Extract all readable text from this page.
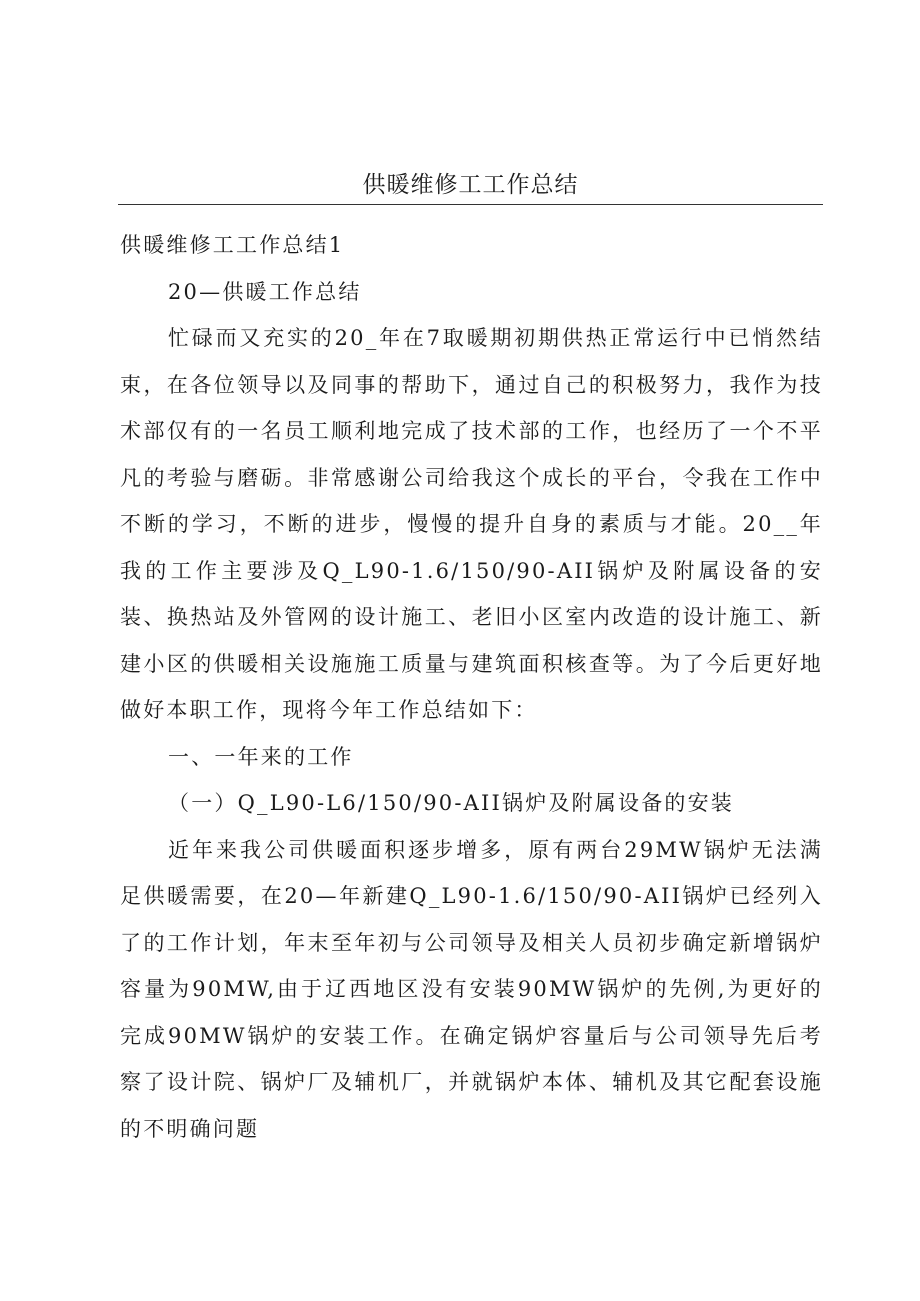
供暖维修工工作总结

供暖维修工工作总结1

20—供暖工作总结

忙碌而又充实的20_年在7取暖期初期供热正常运行中已悄然结束，在各位领导以及同事的帮助下，通过自己的积极努力，我作为技术部仅有的一名员工顺利地完成了技术部的工作，也经历了一个不平凡的考验与磨砺。非常感谢公司给我这个成长的平台，令我在工作中不断的学习，不断的进步，慢慢的提升自身的素质与才能。20__年我的工作主要涉及Q_L90-1.6/150/90-AII锅炉及附属设备的安装、换热站及外管网的设计施工、老旧小区室内改造的设计施工、新建小区的供暖相关设施施工质量与建筑面积核查等。为了今后更好地做好本职工作，现将今年工作总结如下：

一、一年来的工作

（一）Q_L90-L6/150/90-AII锅炉及附属设备的安装

近年来我公司供暖面积逐步增多，原有两台29MW锅炉无法满足供暖需要，在20—年新建Q_L90-1.6/150/90-AII锅炉已经列入了的工作计划，年末至年初与公司领导及相关人员初步确定新增锅炉容量为90MW,由于辽西地区没有安装90MW锅炉的先例,为更好的完成90MW锅炉的安装工作。在确定锅炉容量后与公司领导先后考察了设计院、锅炉厂及辅机厂，并就锅炉本体、辅机及其它配套设施的不明确问题
